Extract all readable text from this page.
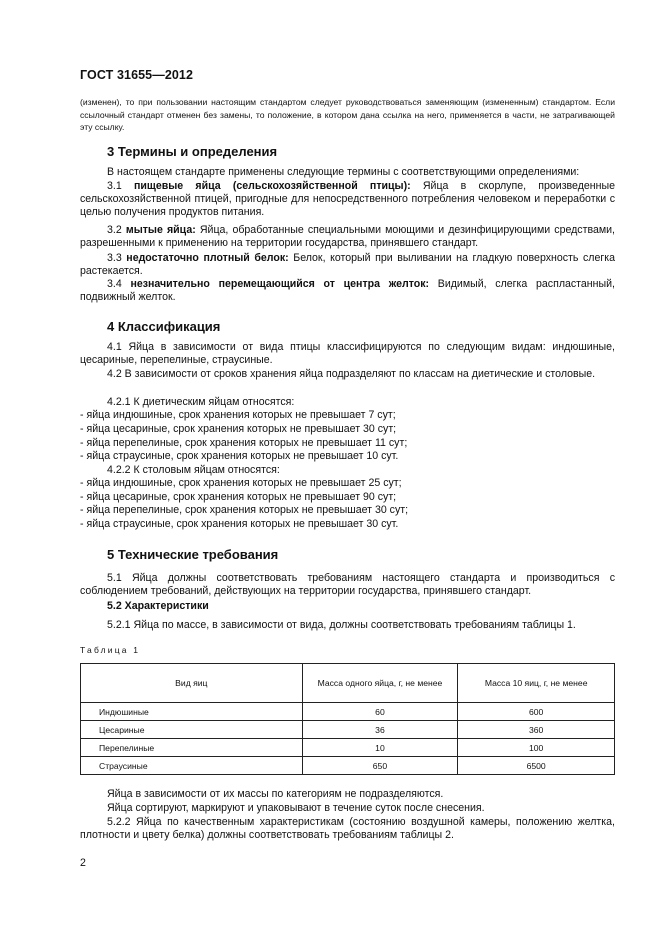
ГОСТ 31655—2012
(изменен), то при пользовании настоящим стандартом следует руководствоваться заменяющим (измененным) стандартом. Если ссылочный стандарт отменен без замены, то положение, в котором дана ссылка на него, применяется в части, не затрагивающей эту ссылку.
3 Термины и определения
В настоящем стандарте применены следующие термины с соответствующими определениями:
3.1 пищевые яйца (сельскохозяйственной птицы): Яйца в скорлупе, произведенные сельскохозяйственной птицей, пригодные для непосредственного потребления человеком и переработки с целью получения продуктов питания.
3.2 мытые яйца: Яйца, обработанные специальными моющими и дезинфицирующими средствами, разрешенными к применению на территории государства, принявшего стандарт.
3.3 недостаточно плотный белок: Белок, который при выливании на гладкую поверхность слегка растекается.
3.4 незначительно перемещающийся от центра желток: Видимый, слегка распластанный, подвижный желток.
4 Классификация
4.1 Яйца в зависимости от вида птицы классифицируются по следующим видам: индюшиные, цесариные, перепелиные, страусиные.
4.2 В зависимости от сроков хранения яйца подразделяют по классам на диетические и столовые.
4.2.1 К диетическим яйцам относятся:
- яйца индюшиные, срок хранения которых не превышает 7 сут;
- яйца цесариные, срок хранения которых не превышает 30 сут;
- яйца перепелиные, срок хранения которых не превышает 11 сут;
- яйца страусиные, срок хранения которых не превышает 10 сут.
4.2.2 К столовым яйцам относятся:
- яйца индюшиные, срок хранения которых не превышает 25 сут;
- яйца цесариные, срок хранения которых не превышает 90 сут;
- яйца перепелиные, срок хранения которых не превышает 30 сут;
- яйца страусиные, срок хранения которых не превышает 30 сут.
5 Технические требования
5.1 Яйца должны соответствовать требованиям настоящего стандарта и производиться с соблюдением требований, действующих на территории государства, принявшего стандарт.
5.2 Характеристики
5.2.1 Яйца по массе, в зависимости от вида, должны соответствовать требованиям таблицы 1.
Таблица 1
Вид яиц	Масса одного яйца, г, не менее	Масса 10 яиц, г, не менее
Индюшиные	60	600
Цесариные	36	360
Перепелиные	10	100
Страусиные	650	6500
Яйца в зависимости от их массы по категориям не подразделяются.
Яйца сортируют, маркируют и упаковывают в течение суток после снесения.
5.2.2 Яйца по качественным характеристикам (состоянию воздушной камеры, положению желтка, плотности и цвету белка) должны соответствовать требованиям таблицы 2.
2
